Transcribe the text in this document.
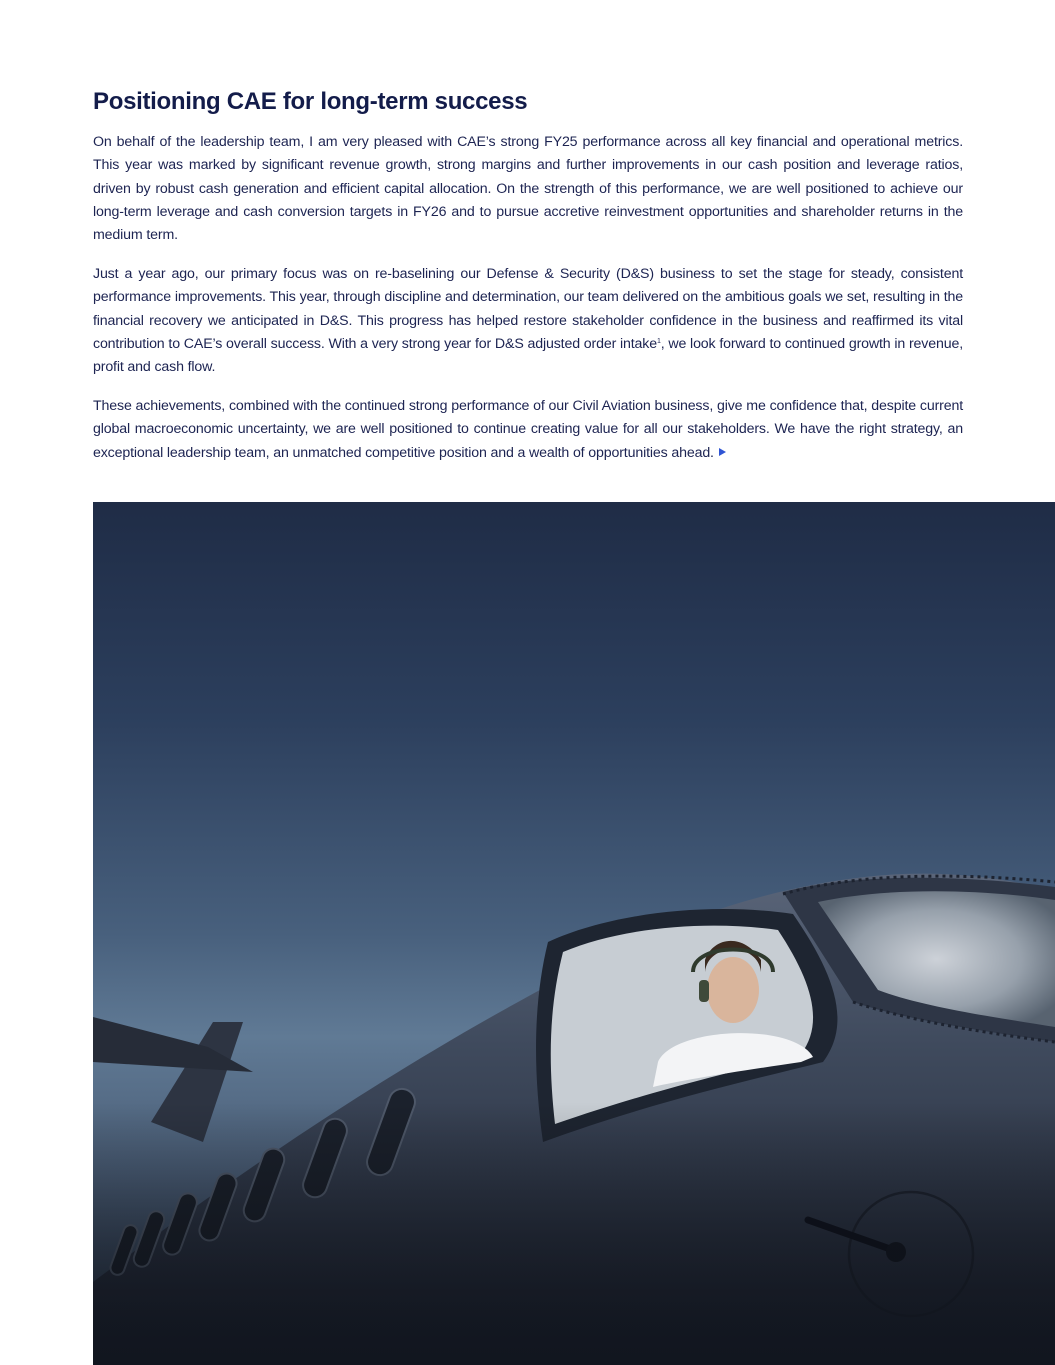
Positioning CAE for long-term success

On behalf of the leadership team, I am very pleased with CAE’s strong FY25 performance across all key financial and operational metrics. This year was marked by significant revenue growth, strong margins and further improvements in our cash position and leverage ratios, driven by robust cash generation and efficient capital allocation. On the strength of this performance, we are well positioned to achieve our long-term leverage and cash conversion targets in FY26 and to pursue accretive reinvestment opportunities and shareholder returns in the medium term.

Just a year ago, our primary focus was on re-baselining our Defense & Security (D&S) business to set the stage for steady, consistent performance improvements. This year, through discipline and determination, our team delivered on the ambitious goals we set, resulting in the financial recovery we anticipated in D&S. This progress has helped restore stakeholder confidence in the business and reaffirmed its vital contribution to CAE’s overall success. With a very strong year for D&S adjusted order intake$^1$, we look forward to continued growth in revenue, profit and cash flow.

These achievements, combined with the continued strong performance of our Civil Aviation business, give me confidence that, despite current global macroeconomic uncertainty, we are well positioned to continue creating value for all our stakeholders. We have the right strategy, an exceptional leadership team, an unmatched competitive position and a wealth of opportunities ahead.
